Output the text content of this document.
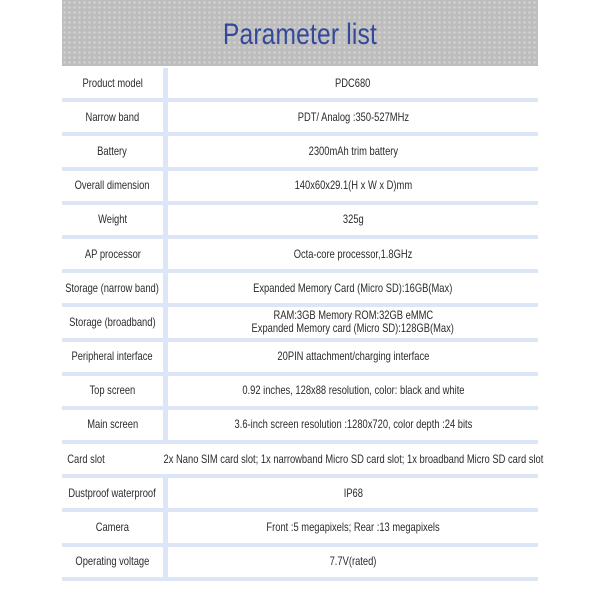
Parameter list
Product model	PDC680
Narrow band	PDT/ Analog :350-527MHz
Battery	2300mAh trim battery
Overall dimension	140x60x29.1(H x W x D)mm
Weight	325g
AP processor	Octa-core processor,1.8GHz
Storage (narrow band)	Expanded Memory Card (Micro SD):16GB(Max)
Storage (broadband)	RAM:3GB Memory ROM:32GB eMMC
Expanded Memory card (Micro SD):128GB(Max)
Peripheral interface	20PIN attachment/charging interface
Top screen	0.92 inches, 128x88 resolution, color: black and white
Main screen	3.6-inch screen resolution :1280x720, color depth :24 bits
Card slot	2x Nano SIM card slot; 1x narrowband Micro SD card slot; 1x broadband Micro SD card slot
Dustproof waterproof	IP68
Camera	Front :5 megapixels; Rear :13 megapixels
Operating voltage	7.7V(rated)
